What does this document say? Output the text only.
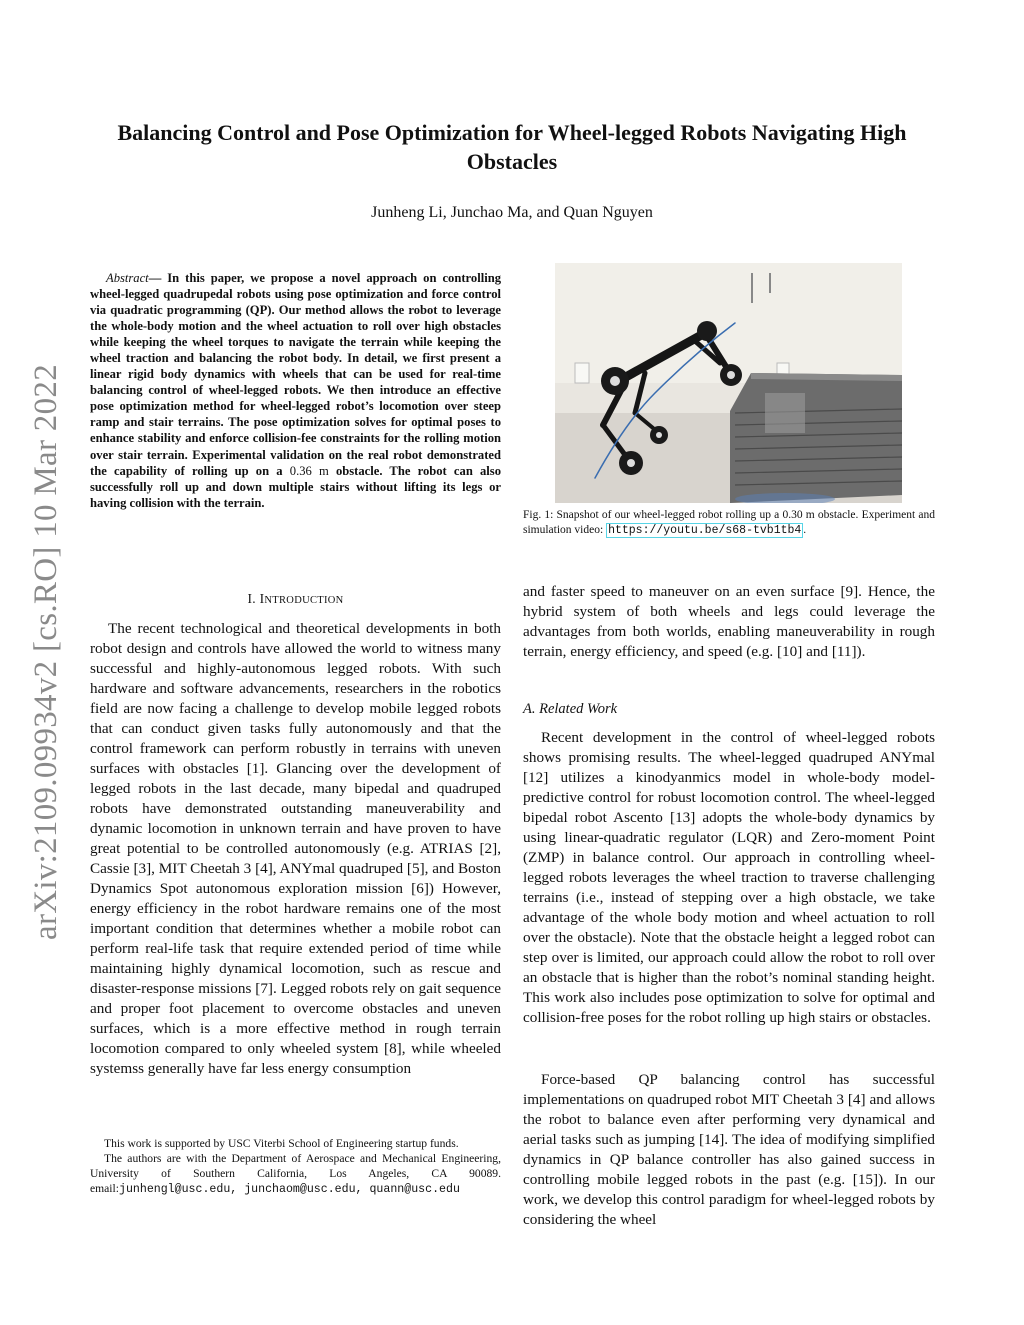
arXiv:2109.09934v2 [cs.RO] 10 Mar 2022
Balancing Control and Pose Optimization for Wheel-legged Robots Navigating High Obstacles
Junheng Li, Junchao Ma, and Quan Nguyen
Abstract— In this paper, we propose a novel approach on controlling wheel-legged quadrupedal robots using pose optimization and force control via quadratic programming (QP). Our method allows the robot to leverage the whole-body motion and the wheel actuation to roll over high obstacles while keeping the wheel torques to navigate the terrain while keeping the wheel traction and balancing the robot body. In detail, we first present a linear rigid body dynamics with wheels that can be used for real-time balancing control of wheel-legged robots. We then introduce an effective pose optimization method for wheel-legged robot’s locomotion over steep ramp and stair terrains. The pose optimization solves for optimal poses to enhance stability and enforce collision-fee constraints for the rolling motion over stair terrain. Experimental validation on the real robot demonstrated the capability of rolling up on a 0.36 m obstacle. The robot can also successfully roll up and down multiple stairs without lifting its legs or having collision with the terrain.
I. INTRODUCTION
The recent technological and theoretical developments in both robot design and controls have allowed the world to witness many successful and highly-autonomous legged robots. With such hardware and software advancements, researchers in the robotics field are now facing a challenge to develop mobile legged robots that can conduct given tasks fully autonomously and that the control framework can perform robustly in terrains with uneven surfaces with obstacles [1]. Glancing over the development of legged robots in the last decade, many bipedal and quadruped robots have demonstrated outstanding maneuverability and dynamic locomotion in unknown terrain and have proven to have great potential to be controlled autonomously (e.g. ATRIAS [2], Cassie [3], MIT Cheetah 3 [4], ANYmal quadruped [5], and Boston Dynamics Spot autonomous exploration mission [6]) However, energy efficiency in the robot hardware remains one of the most important condition that determines whether a mobile robot can perform real-life task that require extended period of time while maintaining highly dynamical locomotion, such as rescue and disaster-response missions [7]. Legged robots rely on gait sequence and proper foot placement to overcome obstacles and uneven surfaces, which is a more effective method in rough terrain locomotion compared to only wheeled system [8], while wheeled systemss generally have far less energy consumption

This work is supported by USC Viterbi School of Engineering startup funds.

The authors are with the Department of Aerospace and Mechanical Engineering, University of Southern California, Los Angeles, CA 90089. email:junhengl@usc.edu, junchaom@usc.edu, quann@usc.edu

Fig. 1: Snapshot of our wheel-legged robot rolling up a 0.30 m obstacle. Experiment and simulation video: https://youtu.be/s68-tvb1tb4 .
and faster speed to maneuver on an even surface [9]. Hence, the hybrid system of both wheels and legs could leverage the advantages from both worlds, enabling maneuverability in rough terrain, energy efficiency, and speed (e.g. [10] and [11]).
A. Related Work
Recent development in the control of wheel-legged robots shows promising results. The wheel-legged quadruped ANYmal [12] utilizes a kinodyanmics model in whole-body model-predictive control for robust locomotion control. The wheel-legged bipedal robot Ascento [13] adopts the whole-body dynamics by using linear-quadratic regulator (LQR) and Zero-moment Point (ZMP) in balance control. Our approach in controlling wheel-legged robots leverages the wheel traction to traverse challenging terrains (i.e., instead of stepping over a high obstacle, we take advantage of the whole body motion and wheel actuation to roll over the obstacle). Note that the obstacle height a legged robot can step over is limited, our approach could allow the robot to roll over an obstacle that is higher than the robot’s nominal standing height. This work also includes pose optimization to solve for optimal and collision-free poses for the robot rolling up high stairs or obstacles.
Force-based QP balancing control has successful implementations on quadruped robot MIT Cheetah 3 [4] and allows the robot to balance even after performing very dynamical and aerial tasks such as jumping [14]. The idea of modifying simplified dynamics in QP balance controller has also gained success in controlling mobile legged robots in the past (e.g. [15]). In our work, we develop this control paradigm for wheel-legged robots by considering the wheel
